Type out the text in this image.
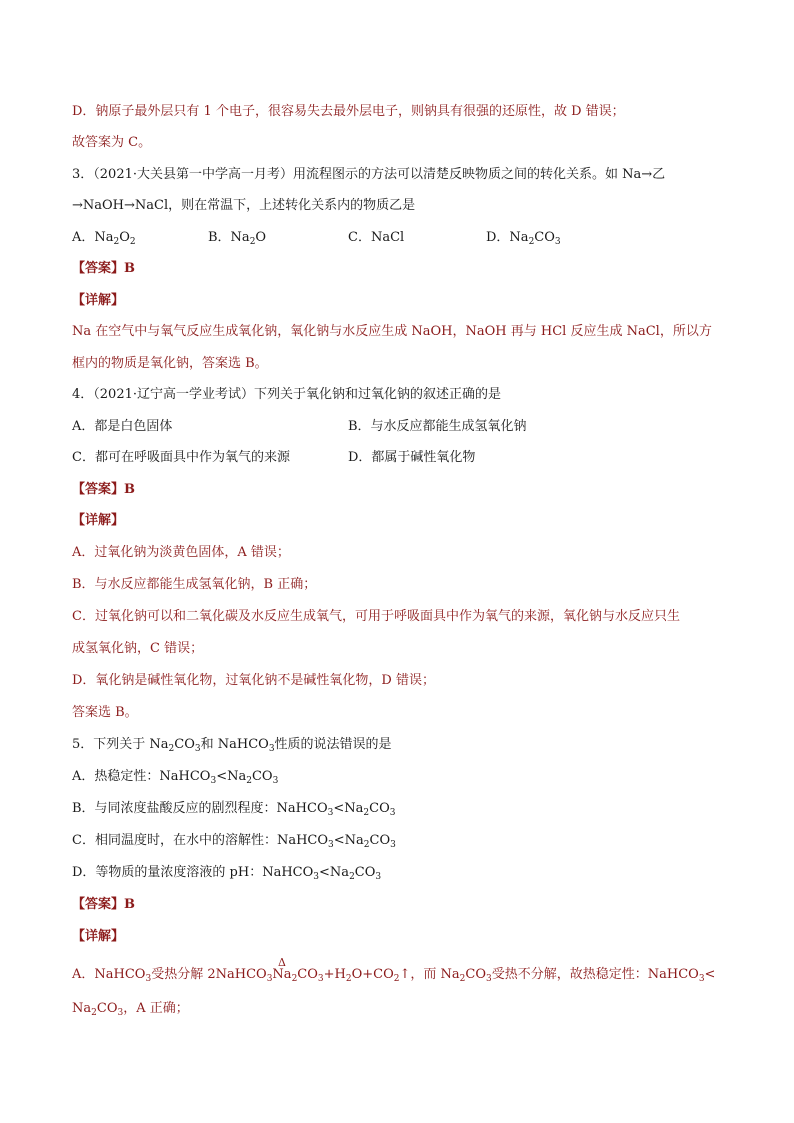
D．钠原子最外层只有 1 个电子，很容易失去最外层电子，则钠具有很强的还原性，故 D 错误；
故答案为 C。
3．（2021·大关县第一中学高一月考）用流程图示的方法可以清楚反映物质之间的转化关系。如 Na→乙
→NaOH→NaCl，则在常温下，上述转化关系内的物质乙是
A．$Na_2O_2$	B．$Na_2O$	C．NaCl	D．$Na_2CO_3$
【答案】B
【详解】
Na 在空气中与氧气反应生成氧化钠，氧化钠与水反应生成 NaOH，NaOH 再与 HCl 反应生成 NaCl，所以方
框内的物质是氧化钠，答案选 B。
4．（2021·辽宁高一学业考试）下列关于氧化钠和过氧化钠的叙述正确的是
A．都是白色固体	B．与水反应都能生成氢氧化钠
C．都可在呼吸面具中作为氧气的来源	D．都属于碱性氧化物
【答案】B
【详解】
A．过氧化钠为淡黄色固体，A 错误；
B．与水反应都能生成氢氧化钠，B 正确；
C．过氧化钠可以和二氧化碳及水反应生成氧气，可用于呼吸面具中作为氧气的来源，氧化钠与水反应只生
成氢氧化钠，C 错误；
D．氧化钠是碱性氧化物，过氧化钠不是碱性氧化物，D 错误；
答案选 B。
5．下列关于 $Na_2CO_3$和 NaHCO$_3$性质的说法错误的是
A．热稳定性：$NaHCO_3<Na_2CO_3$
B．与同浓度盐酸反应的剧烈程度：$NaHCO_3<Na_2CO_3$
C．相同温度时，在水中的溶解性：$NaHCO_3<Na_2CO_3$
D．等物质的量浓度溶液的 pH：$NaHCO_3<Na_2CO_3$
【答案】B
【详解】
A．NaHCO$_3$受热分解 2NaHCO$_3$
Δ
$Na_2CO_3+H_2O+CO_2↑$，而 $Na_2CO_3$受热不分解，故热稳定性：NaHCO$_3$<
$Na_2CO_3$，A 正确；
